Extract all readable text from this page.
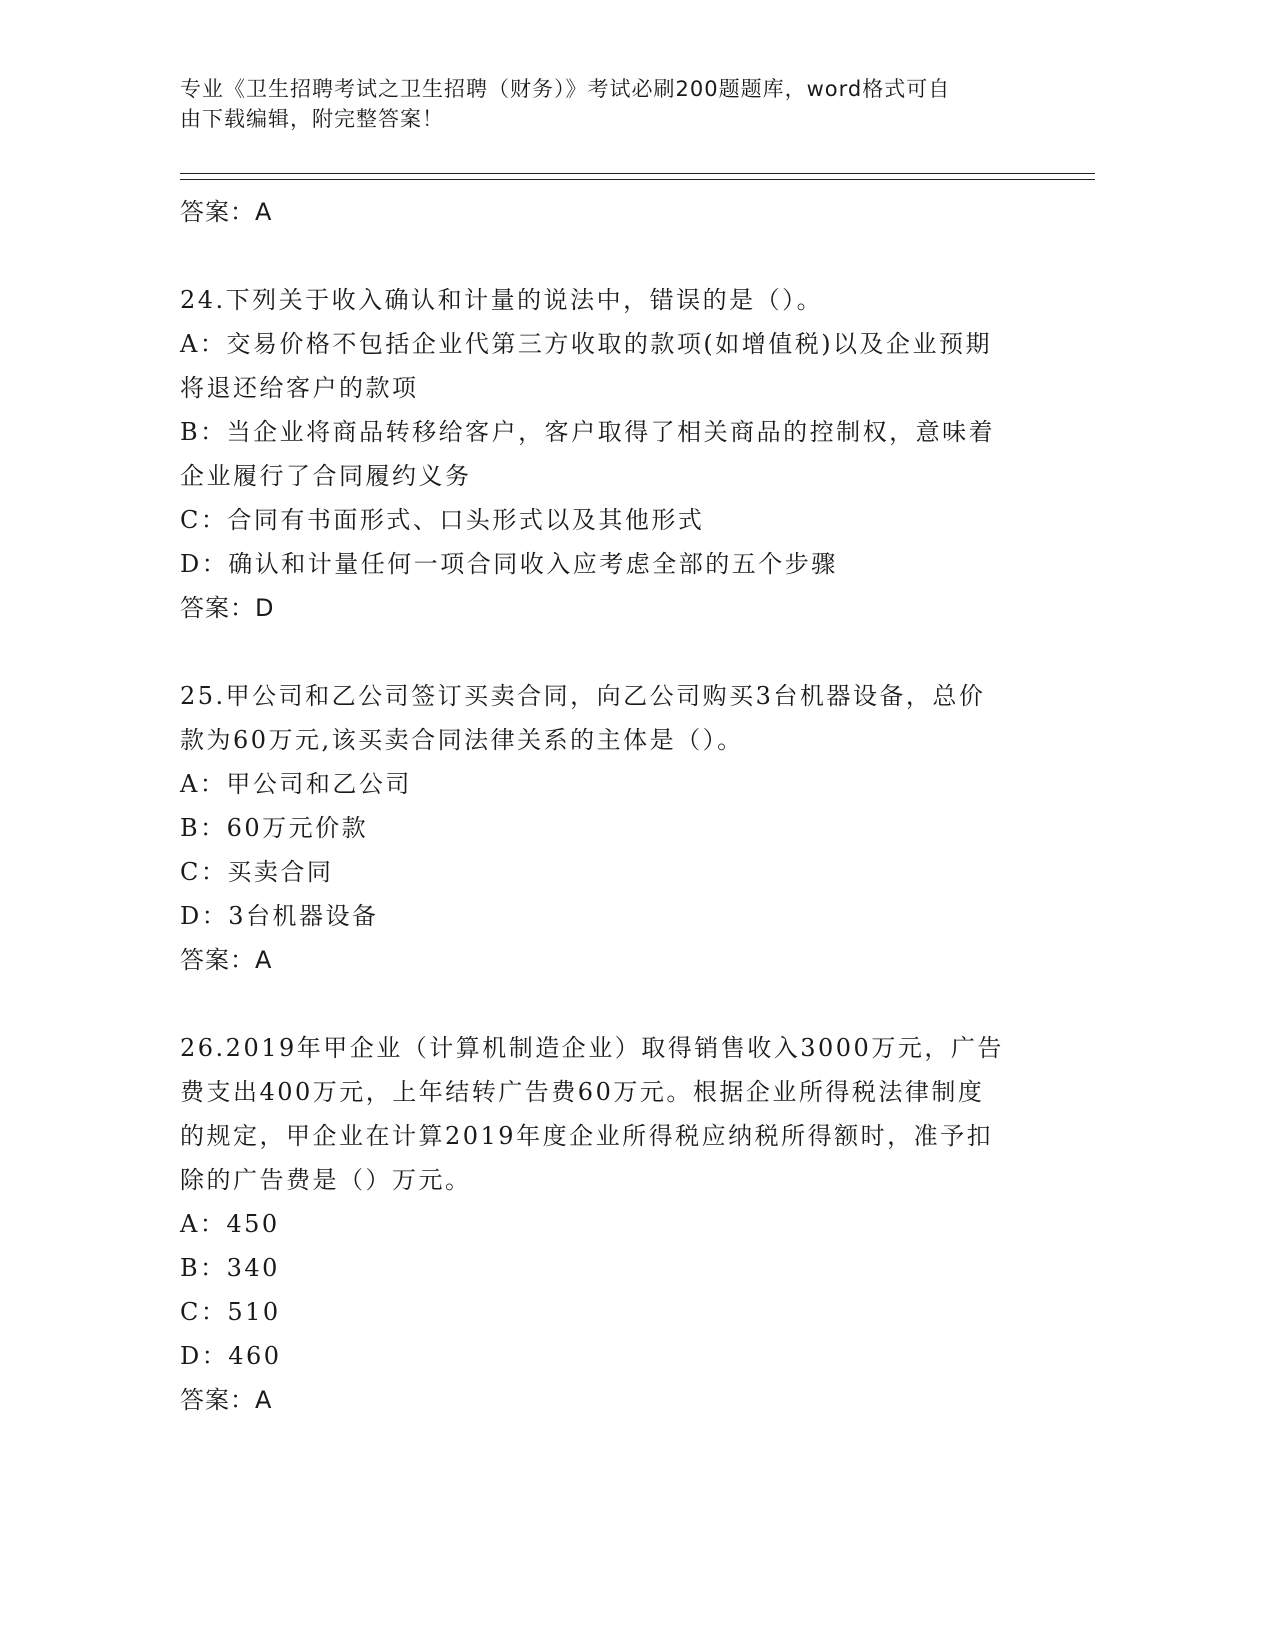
专业《卫生招聘考试之卫生招聘（财务）》考试必刷200题题库，word格式可自
由下载编辑，附完整答案！
答案：A
24.下列关于收入确认和计量的说法中，错误的是（）。
A：交易价格不包括企业代第三方收取的款项(如增值税)以及企业预期
将退还给客户的款项
B：当企业将商品转移给客户，客户取得了相关商品的控制权，意味着
企业履行了合同履约义务
C：合同有书面形式、口头形式以及其他形式
D：确认和计量任何一项合同收入应考虑全部的五个步骤
答案：D
25.甲公司和乙公司签订买卖合同，向乙公司购买3台机器设备，总价
款为60万元,该买卖合同法律关系的主体是（）。
A：甲公司和乙公司
B：60万元价款
C：买卖合同
D：3台机器设备
答案：A
26.2019年甲企业（计算机制造企业）取得销售收入3000万元，广告
费支出400万元，上年结转广告费60万元。根据企业所得税法律制度
的规定，甲企业在计算2019年度企业所得税应纳税所得额时，准予扣
除的广告费是（）万元。
A：450
B：340
C：510
D：460
答案：A
